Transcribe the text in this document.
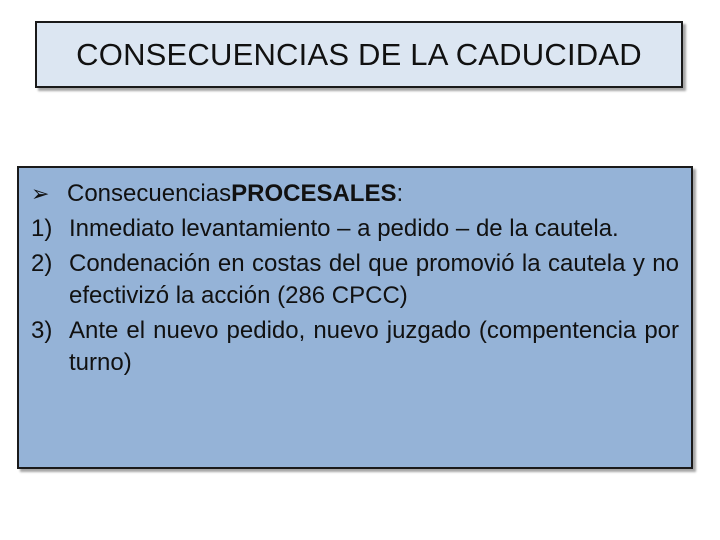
CONSECUENCIAS DE LA CADUCIDAD
➢ Consecuencias PROCESALES :
1) Inmediato levantamiento – a pedido – de la cautela.
2) Condenación en costas del que promovió la cautela y no efectivizó la acción (286 CPCC)
3) Ante el nuevo pedido, nuevo juzgado (compentencia por turno)
